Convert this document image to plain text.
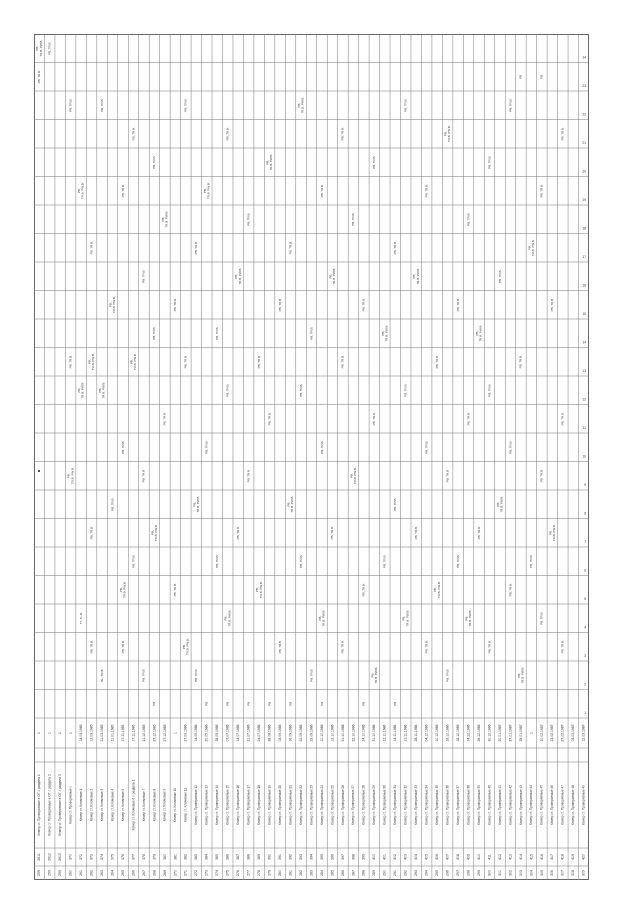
259
2611
Кемер ст. Проверяемые в ОТ с раздела 1
1
259
2612
Кемер ст. Проверяемые в ОТ с раздела 2
1
259
2613
Кемер ст. Проверяемые в ОТ с раздела 3
1
260
370
Кемер ст. Проверяемые с
1
261
372
Кемер ст. Ключевые 1
14.03.1985
262
373
Кемер ст. Ключевые 2
12.03.1985
263
374
Кемер ст. Ключевые 3
21.03.1985
264
375
Кемер ст. Ключевые 4
11.01.1985
265
376
Кемер ст. Ключевые 5
17.11.1985
266
377
Кемер ст. Ключевые 6 с раздела 1
17.11.1985
267
378
Кемер ст. Ключевые 7
21.12.1985
268
379
Кемер ст. Ключевые 8
27.12.1985
269
380
Кемер ст. Ключевые 9
27.12.1985
270
381
Кемер ст. Ключевые 10
1
271
382
Кемер ст. Ключевые 11
27.03.1986
272
383
Кемер ст. Проверяемые 12
14.05.1986
273
384
Кемер ст. Проверяемые 13
20.05.1986
274
385
Кемер ст. Проверяемые 14
28.05.1986
275
386
Кемер ст. Проверяемые 15
07.07.1986
276
387
Кемер ст. Проверяемые 16
14.07.1986
277
388
Кемер ст. Проверяемые 17
21.07.1986
278
389
Кемер ст. Проверяемые 18
24.07.1986
279
390
Кемер ст. Проверяемые 19
28.08.1986
280
391
Кемер ст. Проверяемые 20
03.09.1986
281
392
Кемер ст. Проверяемые 21
16.09.1986
282
393
Кемер ст. Проверяемые 22
22.09.1986
283
394
Кемер ст. Проверяемые 23
23.09.1986
284
395
Кемер ст. Проверяемые 24
10.10.1986
285
396
Кемер ст. Проверяемые 25
12.10.1986
286
397
Кемер ст. Проверяемые 26
21.10.1986
287
398
Кемер ст. Проверяемые 27
22.10.1986
288
399
Кемер ст. Проверяемые 28
24.10.1986
289
400
Кемер ст. Проверяемые 29
31.10.1986
290
401
Кемер ст. Проверяемые 30
12.11.1986
291
402
Кемер ст. Проверяемые 31
14.11.1986
292
403
Кемер ст. Проверяемые 32
21.11.1986
293
404
Кемер ст. Проверяемые 33
28.11.1986
294
405
Кемер ст. Проверяемые 34
04.12.1986
295
406
Кемер ст. Проверяемые 35
10.12.1986
296
407
Кемер ст. Проверяемые 36
16.12.1986
297
408
Кемер ст. Проверяемые 37
18.12.1986
298
409
Кемер ст. Проверяемые 38
24.12.1986
299
410
Кемер ст. Проверяемые 39
26.12.1986
300
411
Кемер ст. Проверяемые 40
30.12.1986
301
412
Кемер ст. Проверяемые 41
20.01.1987
302
413
Кемер ст. Проверяемые 42
27.01.1987
303
414
Кемер ст. Проверяемые 43
29.01.1987
304
415
Кемер ст. Проверяемые 44
1
305
416
Кемер ст. Проверяемые 45
20.02.1987
306
417
Кемер ст. Проверяемые 46
23.02.1987
307
418
Кемер ст. Проверяемые 47
27.02.1987
308
419
Кемер ст. Проверяемые 48
03.03.1987
309
420
Кемер ст. Проверяемые 49
12.03.1987
1
2
3
4
5
6
7
8
9
10
11
12
13
14
15
16
17
18
19
20
21
22
23
24
PB, TR.B.
PB, TR.B. PW.B. PB, TR.B.
PB, TR.B. PW.B.
PB, TR.B.
PB, TR.B.
TT, TL.B.
PB, TR.B. PW.B.
PB, TR.B. PW.B.
PB, TR.B.
PB, TR.B.
PB, TR.B. PW.B.
PB, TR.B.
BL, TR.B.
PB, TR.B. PW.B.
PB, TR.B.
PB, TR.B.
PB, TR.B. PW.B.
PB, TR.B.
PB, TR.B. PW.B.
PB, TR.B.
PB, TR.B.
PB, TR.B.
PB, TR.B. PW.B.
PB, TR.B.
PB, TR.B.
PB, TR.B.
PB, TR.B.
PB
PB, TR.B. PW.B.
PB, TR.B.
PB, TR.B.
PB, TR.B.
PB, TR.B. PW.B.
PB, TR.B.
PB, TR.B.
PB, TR.B. PW.B.
PB, TR.B.
PB, TR.B.
PB, TR.B.
PB, TR.B. PW.B.
PB, TR.B.
PB
PB, TR.B.
PB, TR.B. PW.B.
PB, TR.B.
PB, TR.B.
PB
PB, TR.B. PW.B.
PB, TR.B.
PB, TR.B.
PB, TR.B.
PB, TR.B. PW.B.
PB
PB, TR.B.
PB, TR.B.
PB, TR.B. PW.B.
PB, TR.B.
PB
PB, TR.B.
PB, TR.B. PW.B.
PB, TR.B.
PB, TR.B.
PB
PB, TR.B. PW.B.
PB, TR.B.
PB, TR.B.
PB, TR.B.
PB, TR.B. PW.B.
PB, TR.B.
PB, TR.B.
PB
PB, TR.B. PW.B.
PB, TR.B.
PB, TR.B.
PB, TR.B.
PB, TR.B. PW.B.
PB, TR.B.
PB, TR.B.
PB, TR.B.
PB, TR.B. PW.B.
PB, TR.B.
PB
PB, TR.B.
PB, TR.B.
PB, TR.B. PW.B.
PB, TR.B.
PB, TR.B.
PB, TR.B.
PB, TR.B. PW.B.
PB
PB, TR.B.
PB, TR.B.
PB, TR.B. PW.B.
PB, TR.B.
PB, TR.B.
PB, TR.B.
PB, TR.B. PW.B.
PB, TR.B.
PB, TR.B.
PB, TR.B.
PB, TR.B. PW.B.
PB, TR.B.
PB, TR.B.
PB, TR.B.
PB, TR.B. PW.B.
PB, TR.B.
PB, TR.B.
PB, TR.B. PW.B.
PB, TR.B.
PB, TR.B.
PB, TR.B.
PB, TR.B. PW.B.
PB, TR.B.
PB, TR.B.
PB, TR.B.
PB, TR.B. PW.B.
PB, TR.B.
PB, TR.B.
PB, TR.B.
PB, TR.B.
PB, TR.B. PW.B.
PB, TR.B.
PB
PB, TR.B.
PB, TR.B. PW.B.
PB, TR.B.
PB, TR.B.
PB, TR.B.
PB
PB, TR.B. PW.B.
PB, TR.B.
PB, TR.B.
PB, TR.B.
PB, TR.B.
